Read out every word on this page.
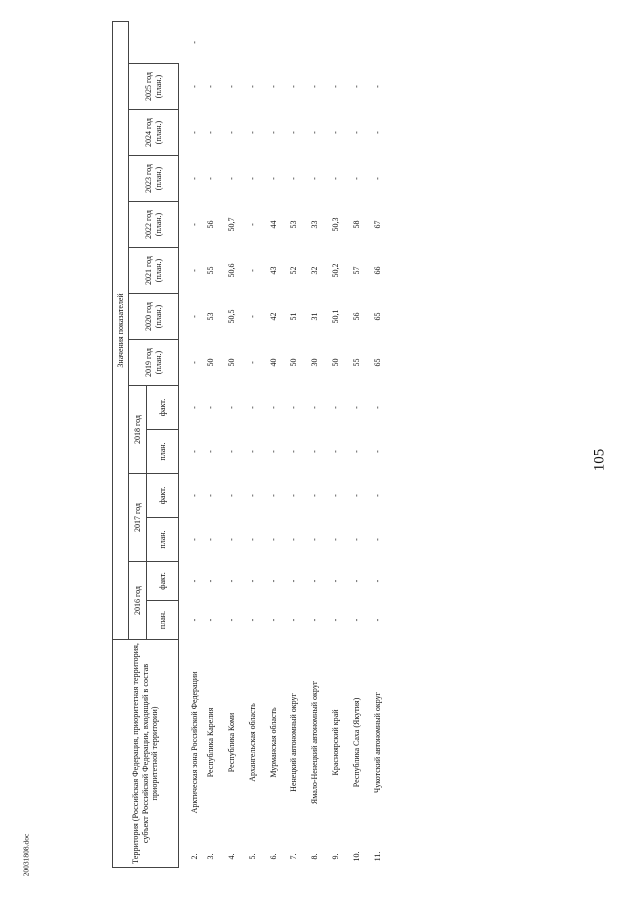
105
Территория (Российская Федерация, приоритетная территория, субъект Российской Федерации, входящий в состав приоритетной территории)		Значения показателей													
		2016 год		2017 год		2018 год		2019 год (план.)	2020 год (план.)	2021 год (план.)	2022 год (план.)	2023 год (план.)	2024 год (план.)	2025 год (план.)	
		план.	факт.	план.	факт.	план.	факт.								
2.	Арктическая зона Российской Федерации	-	-	-	-	-	-	-	-	-	-	-	-	-	-
3.	Республика Карелия	-	-	-	-	-	-	50	53	55	56	-	-	-	
4.	Республика Коми	-	-	-	-	-	-	50	50,5	50,6	50,7	-	-	-	
5.	Архангельская область	-	-	-	-	-	-	-	-	-	-	-	-	-	
6.	Мурманская область	-	-	-	-	-	-	40	42	43	44	-	-	-	
7.	Ненецкий автономный округ	-	-	-	-	-	-	50	51	52	53	-	-	-	
8.	Ямало-Ненецкий автономный округ	-	-	-	-	-	-	30	31	32	33	-	-	-	
9.	Красноярский край	-	-	-	-	-	-	50	50,1	50,2	50,3	-	-	-	
10.	Республика Саха (Якутия)	-	-	-	-	-	-	55	56	57	58	-	-	-	
11.	Чукотский автономный округ	-	-	-	-	-	-	65	65	66	67	-	-	-	
20031808.doc
